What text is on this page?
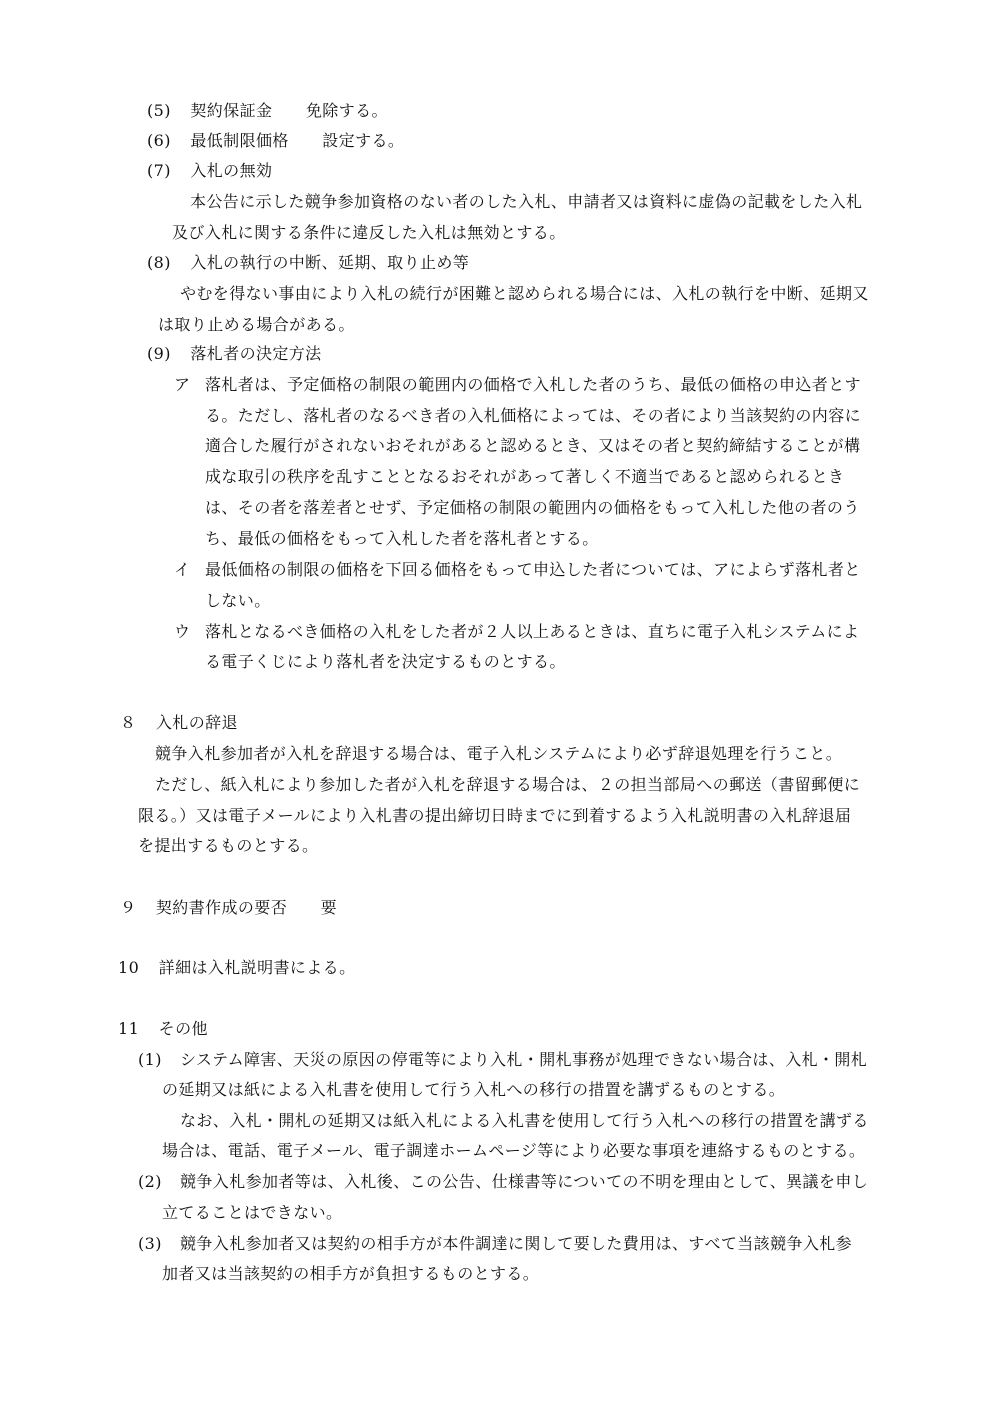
(5) 契約保証金 免除する。
(6) 最低制限価格 設定する。
(7) 入札の無効
本公告に示した競争参加資格のない者のした入札、申請者又は資料に虚偽の記載をした入札
及び入札に関する条件に違反した入札は無効とする。
(8) 入札の執行の中断、延期、取り止め等
やむを得ない事由により入札の続行が困難と認められる場合には、入札の執行を中断、延期又
は取り止める場合がある。
(9) 落札者の決定方法
ア 落札者は、予定価格の制限の範囲内の価格で入札した者のうち、最低の価格の申込者とす
る。ただし、落札者のなるべき者の入札価格によっては、その者により当該契約の内容に
適合した履行がされないおそれがあると認めるとき、又はその者と契約締結することが構
成な取引の秩序を乱すこととなるおそれがあって著しく不適当であると認められるとき
は、その者を落差者とせず、予定価格の制限の範囲内の価格をもって入札した他の者のう
ち、最低の価格をもって入札した者を落札者とする。
イ 最低価格の制限の価格を下回る価格をもって申込した者については、アによらず落札者と
しない。
ウ 落札となるべき価格の入札をした者が２人以上あるときは、直ちに電子入札システムによ
る電子くじにより落札者を決定するものとする。
８ 入札の辞退
競争入札参加者が入札を辞退する場合は、電子入札システムにより必ず辞退処理を行うこと。
ただし、紙入札により参加した者が入札を辞退する場合は、２の担当部局への郵送（書留郵便に
限る。）又は電子メールにより入札書の提出締切日時までに到着するよう入札説明書の入札辞退届
を提出するものとする。
９ 契約書作成の要否 要
10 詳細は入札説明書による。
11 その他
(1) システム障害、天災の原因の停電等により入札・開札事務が処理できない場合は、入札・開札
の延期又は紙による入札書を使用して行う入札への移行の措置を講ずるものとする。
なお、入札・開札の延期又は紙入札による入札書を使用して行う入札への移行の措置を講ずる
場合は、電話、電子メール、電子調達ホームページ等により必要な事項を連絡するものとする。
(2) 競争入札参加者等は、入札後、この公告、仕様書等についての不明を理由として、異議を申し
立てることはできない。
(3) 競争入札参加者又は契約の相手方が本件調達に関して要した費用は、すべて当該競争入札参
加者又は当該契約の相手方が負担するものとする。
